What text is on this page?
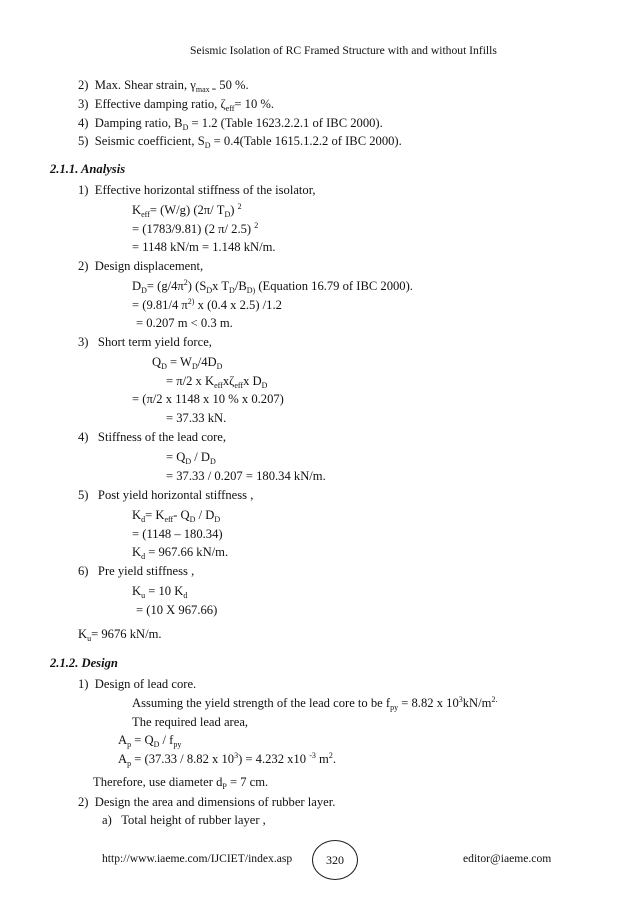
Seismic Isolation of RC Framed Structure with and without Infills
2)  Max. Shear strain, $\gamma_{max =}$ 50 %.
3)  Effective damping ratio, $\zeta_{eff}= 10$ %.
4)  Damping ratio, $B_D = 1.2$ (Table 1623.2.2.1 of IBC 2000).
5)  Seismic coefficient, $S_D$ = 0.4(Table 1615.1.2.2 of IBC 2000).
2.1.1. Analysis
1)  Effective horizontal stiffness of the isolator,
$K_{eff}= (W/g)$ (2π/ $T_D$) $^2$
= (1783/9.81) (2 π/ 2.5) $^2$
= 1148 kN/m = 1.148 kN/m.
2)  Design displacement,
$D_D= (g/4\pi^2)$ ($S_Dx$ $T_D/B_{D)}$ (Equation 16.79 of IBC 2000).
= (9.81/4 $\pi^{2)}$ x (0.4 x 2.5) /1.2
= 0.207 m < 0.3 m.
3)   Short term yield force,
$Q_D = W_D/4D_D$
= π/2 x $K_{eff}x\zeta_{eff}x$ $D_D$
= (π/2 x 1148 x 10 % x 0.207)
= 37.33 kN.
4)   Stiffness of the lead core,
= $Q_D / D_D$
= 37.33 / 0.207 = 180.34 kN/m.
5)   Post yield horizontal stiffness ,
$K_d= K_{eff}-$ $Q_D / D_D$
= (1148 – 180.34)
$K_d = 967.66$ kN/m.
6)   Pre yield stiffness ,
$K_u = 10$ $K_d$
= (10 X 967.66)
$K_u= 9676$ kN/m.
2.1.2. Design
1)  Design of lead core.
Assuming the yield strength of the lead core to be $f_{py} = 8.82$ x $10^3kN/m^{2.}$
The required lead area,
$A_p = Q_D / f_{py}$
$A_p = (37.33 / 8.82$ x $10^3) = 4.232$ x10 $^{-3}$ $m^2$.
Therefore, use diameter $d_P = 7$ cm.
2)  Design the area and dimensions of rubber layer.
a)   Total height of rubber layer ,
http://www.iaeme.com/IJCIET/index.asp	320	editor@iaeme.com
